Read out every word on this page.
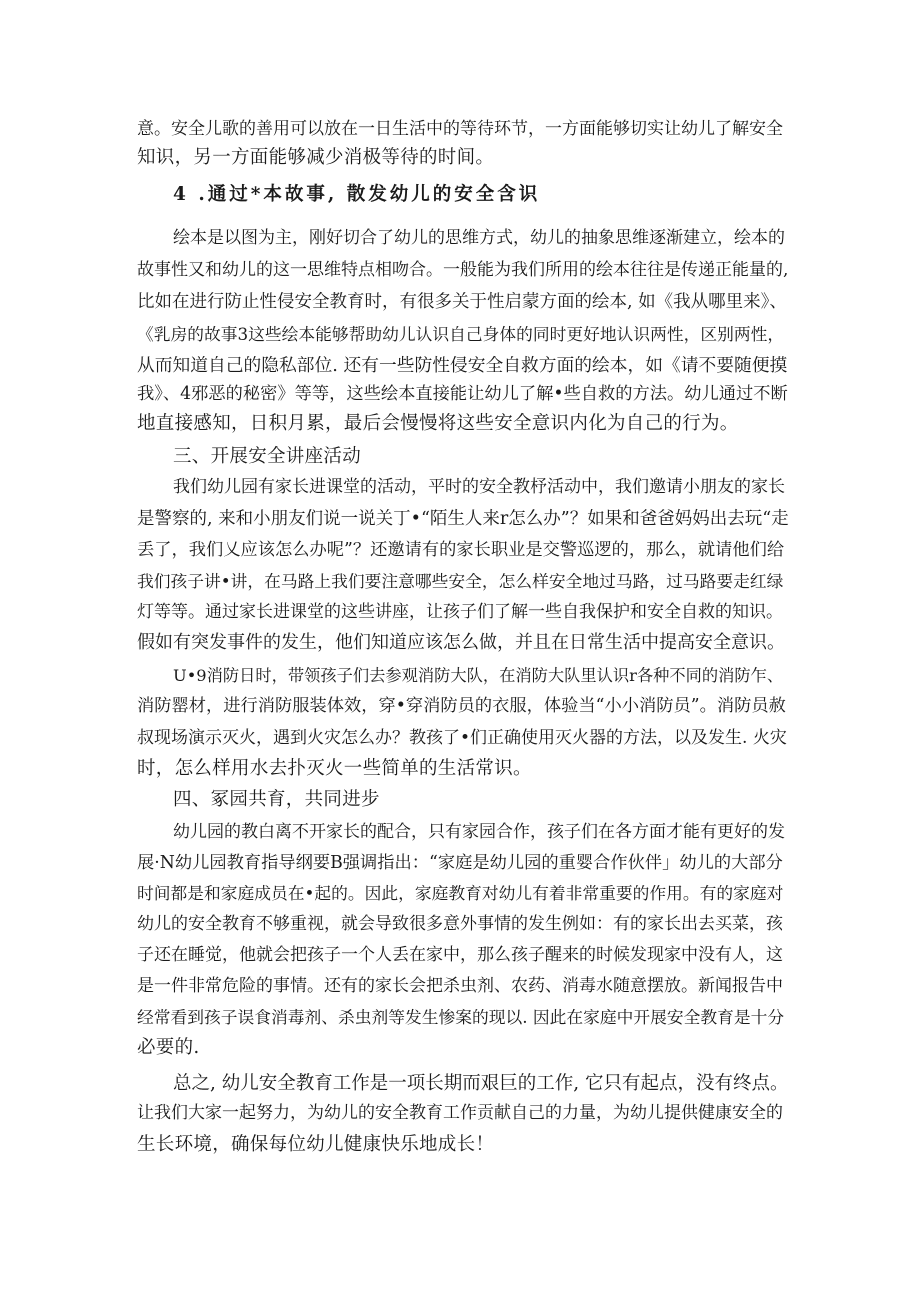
意。安全儿歌的善用可以放在一日生活中的等待环节，一方面能够切实让幼儿了解安全
知识，另一方面能够减少消极等待的时间。
4 .通过*本故事, 散发幼儿的安全含识
绘本是以图为主，刚好切合了幼儿的思维方式，幼儿的抽象思维逐渐建立，绘本的
故事性又和幼儿的这一思维特点相吻合。一般能为我们所用的绘本往往是传递正能量的,
比如在进行防止性侵安全教育时，有很多关于性启蒙方面的绘本, 如《我从哪里来》、
《乳房的故事3这些绘本能够帮助幼儿认识自己身体的同时更好地认识两性，区别两性，
从而知道自己的隐私部位. 还有一些防性侵安全自救方面的绘本，如《请不要随便摸
我》、4邪恶的秘密》等等，这些绘本直接能让幼儿了解•些自救的方法。幼儿通过不断
地直接感知，日积月累，最后会慢慢将这些安全意识内化为自己的行为。
三、开展安全讲座活动
我们幼儿园有家长进课堂的活动，平时的安全教杼活动中，我们邀请小朋友的家长
是警察的, 来和小朋友们说一说关丁•“陌生人来r怎么办”？如果和爸爸妈妈出去玩“走
丢了，我们乂应该怎么办呢”？还邀请有的家长职业是交警巡逻的，那么，就请他们给
我们孩子讲•讲，在马路上我们要注意哪些安全，怎么样安全地过马路，过马路要走红绿
灯等等。通过家长进课堂的这些讲座，让孩子们了解一些自我保护和安全自救的知识。
假如有突发事件的发生，他们知道应该怎么做，并且在日常生活中提高安全意识。
U•9消防日时，带领孩子们去参观消防大队，在消防大队里认识r各种不同的消防乍、
消防罂材，进行消防服装体效，穿•穿消防员的衣服，体验当“小小消防员”。消防员赦
叔现场演示灭火，遇到火灾怎么办？教孩了•们正确使用灭火器的方法，以及发生. 火灾
时，怎么样用水去扑灭火一些简单的生活常识。
四、冢园共育，共同进步
幼儿园的教白离不开家长的配合，只有家园合作，孩子们在各方面才能有更好的发
展·N幼儿园教育指导纲要B强调指出：“家庭是幼儿园的重婴合作伙伴」幼儿的大部分
时间都是和家庭成员在•起的。因此，家庭教育对幼儿有着非常重要的作用。有的家庭对
幼儿的安全教育不够重视，就会导致很多意外事情的发生例如：有的家长出去买菜，孩
子还在睡觉，他就会把孩子一个人丢在家中，那么孩子醒来的时候发现家中没有人，这
是一件非常危险的事情。还有的家长会把杀虫剂、农药、消毒水随意摆放。新闻报告中
经常看到孩子误食消毒剂、杀虫剂等发生惨案的现以. 因此在家庭中开展安全教育是十分
必要的.
总之, 幼儿安全教育工作是一项长期而艰巨的工作, 它只有起点，没有终点。
让我们大家一起努力，为幼儿的安全教育工作贡献自己的力量，为幼儿提供健康安全的
生长环境，确保每位幼儿健康快乐地成长！
